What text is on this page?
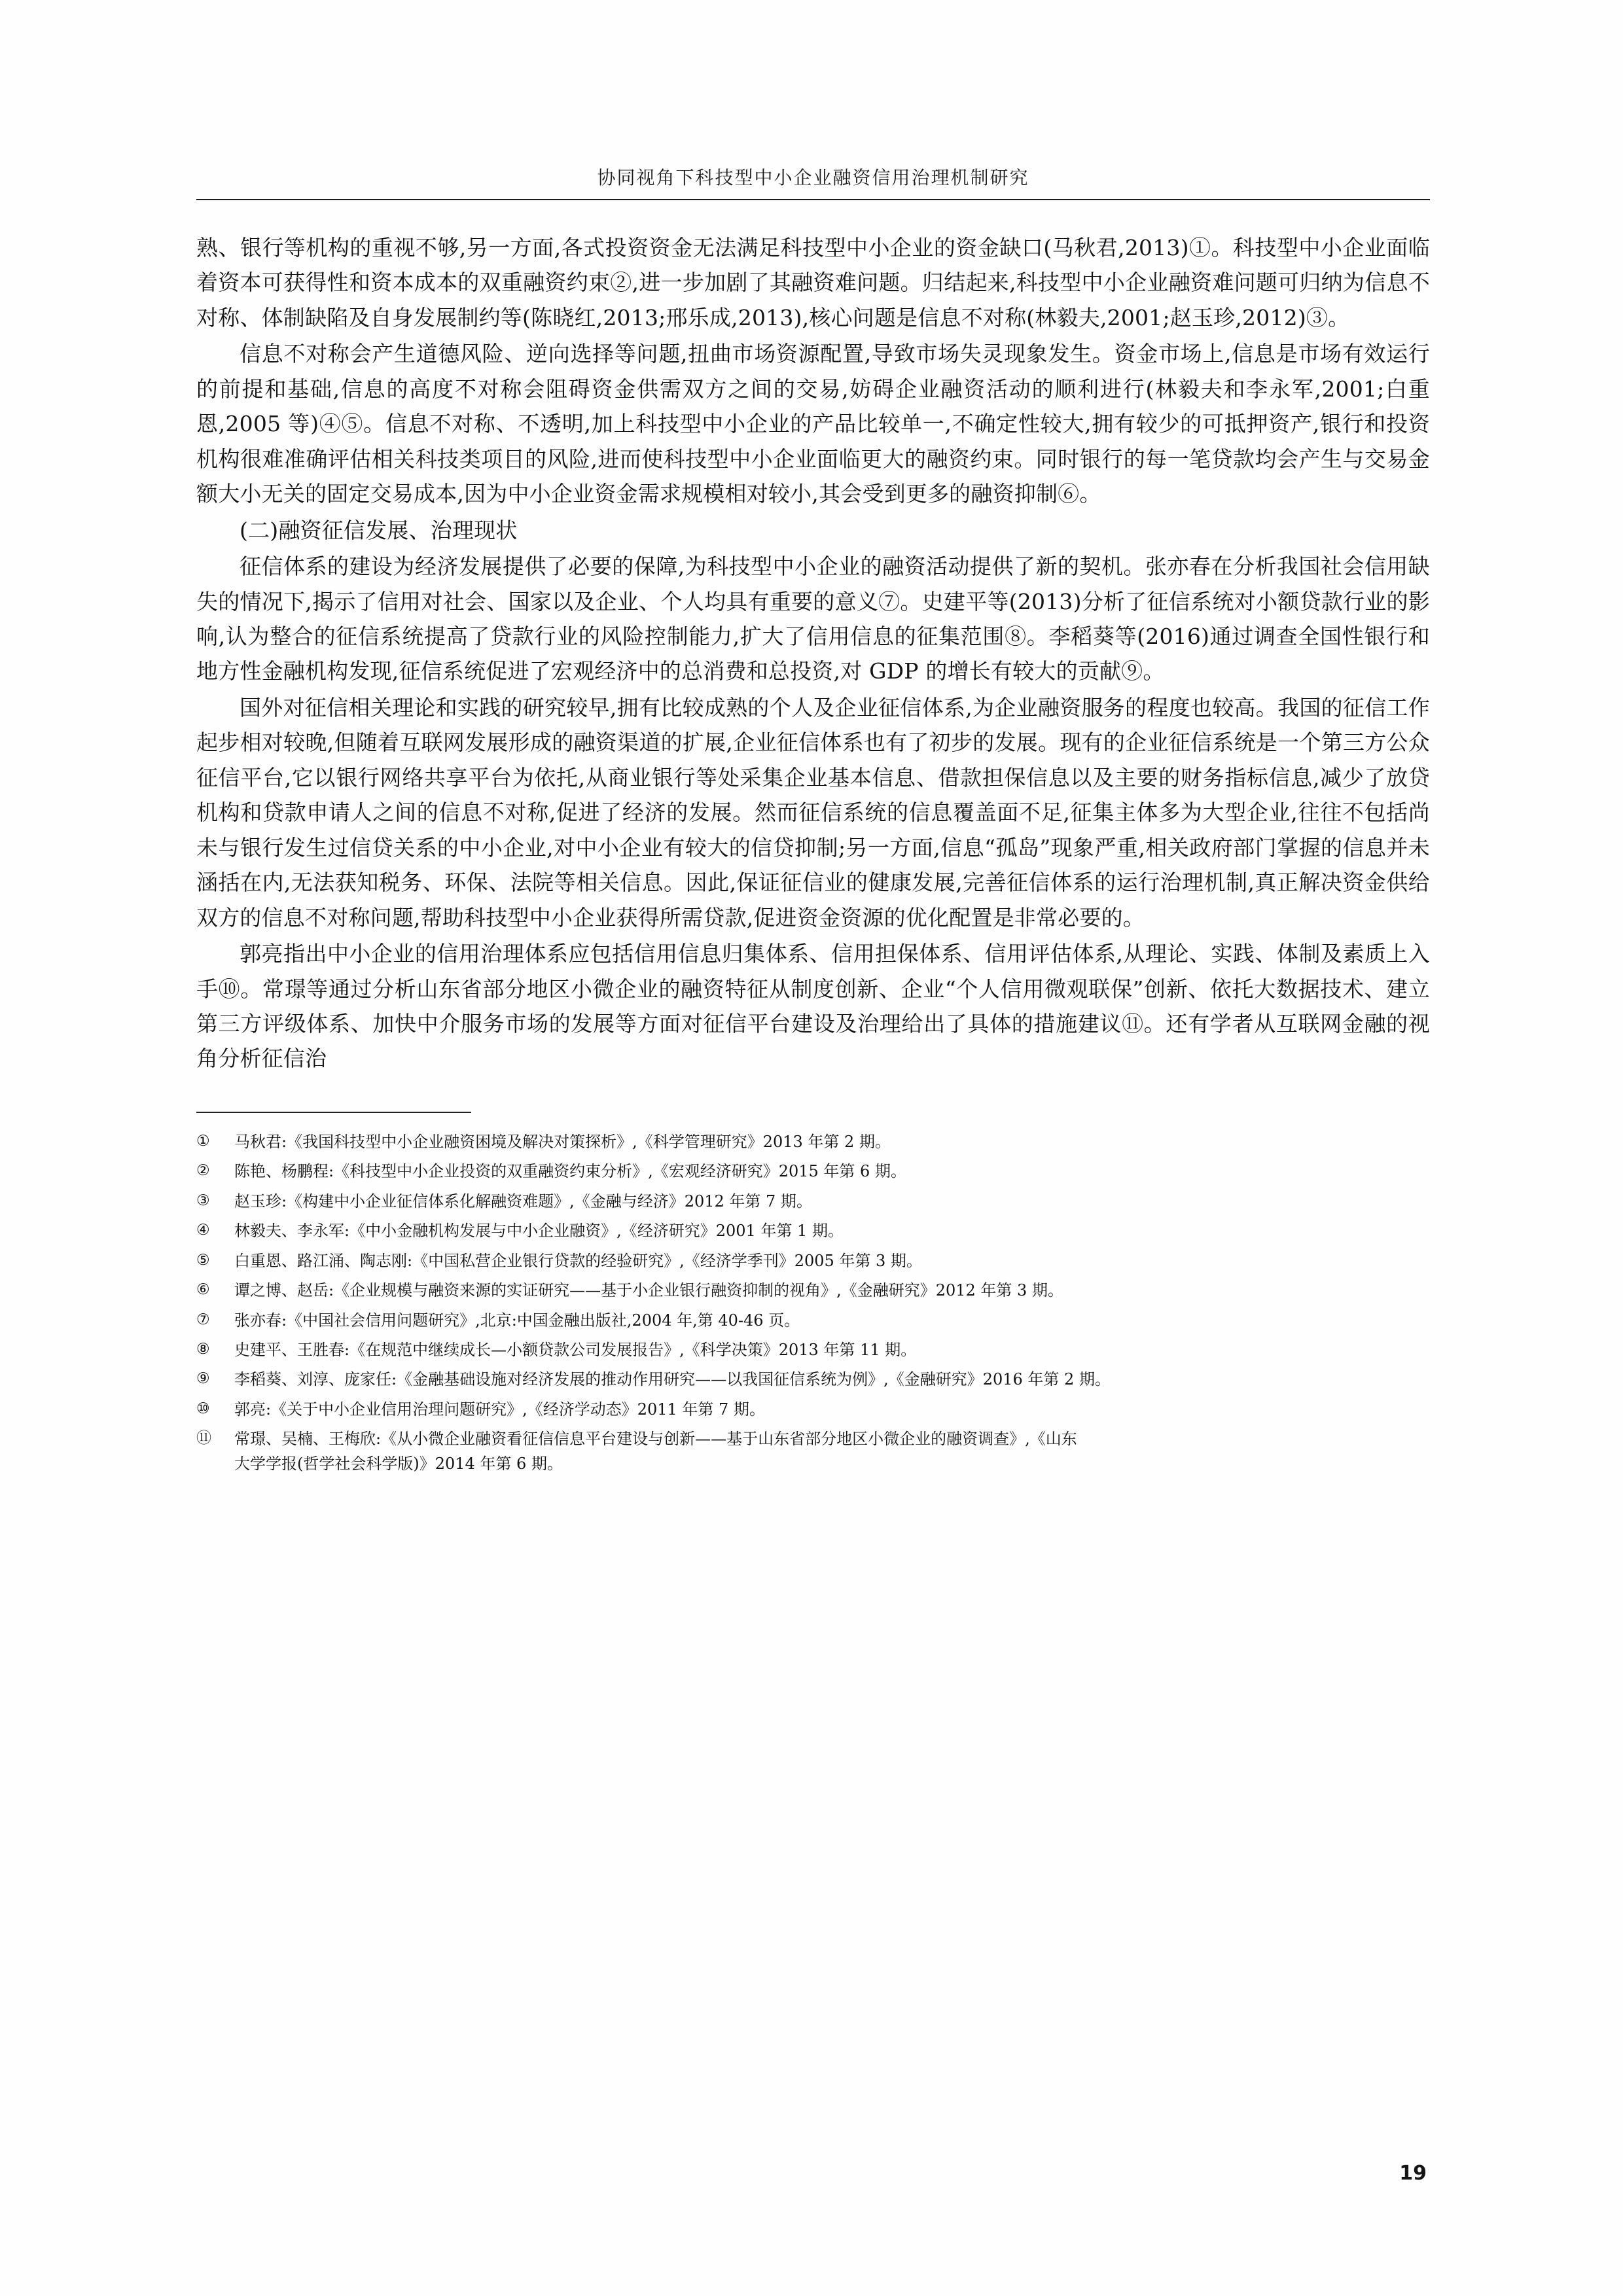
协同视角下科技型中小企业融资信用治理机制研究

熟、银行等机构的重视不够,另一方面,各式投资资金无法满足科技型中小企业的资金缺口(马秋君,2013)①。科技型中小企业面临着资本可获得性和资本成本的双重融资约束②,进一步加剧了其融资难问题。归结起来,科技型中小企业融资难问题可归纳为信息不对称、体制缺陷及自身发展制约等(陈晓红,2013;邢乐成,2013),核心问题是信息不对称(林毅夫,2001;赵玉珍,2012)③。

信息不对称会产生道德风险、逆向选择等问题,扭曲市场资源配置,导致市场失灵现象发生。资金市场上,信息是市场有效运行的前提和基础,信息的高度不对称会阻碍资金供需双方之间的交易,妨碍企业融资活动的顺利进行(林毅夫和李永军,2001;白重恩,2005 等)④⑤。信息不对称、不透明,加上科技型中小企业的产品比较单一,不确定性较大,拥有较少的可抵押资产,银行和投资机构很难准确评估相关科技类项目的风险,进而使科技型中小企业面临更大的融资约束。同时银行的每一笔贷款均会产生与交易金额大小无关的固定交易成本,因为中小企业资金需求规模相对较小,其会受到更多的融资抑制⑥。

(二)融资征信发展、治理现状

征信体系的建设为经济发展提供了必要的保障,为科技型中小企业的融资活动提供了新的契机。张亦春在分析我国社会信用缺失的情况下,揭示了信用对社会、国家以及企业、个人均具有重要的意义⑦。史建平等(2013)分析了征信系统对小额贷款行业的影响,认为整合的征信系统提高了贷款行业的风险控制能力,扩大了信用信息的征集范围⑧。李稻葵等(2016)通过调查全国性银行和地方性金融机构发现,征信系统促进了宏观经济中的总消费和总投资,对 GDP 的增长有较大的贡献⑨。

国外对征信相关理论和实践的研究较早,拥有比较成熟的个人及企业征信体系,为企业融资服务的程度也较高。我国的征信工作起步相对较晚,但随着互联网发展形成的融资渠道的扩展,企业征信体系也有了初步的发展。现有的企业征信系统是一个第三方公众征信平台,它以银行网络共享平台为依托,从商业银行等处采集企业基本信息、借款担保信息以及主要的财务指标信息,减少了放贷机构和贷款申请人之间的信息不对称,促进了经济的发展。然而征信系统的信息覆盖面不足,征集主体多为大型企业,往往不包括尚未与银行发生过信贷关系的中小企业,对中小企业有较大的信贷抑制;另一方面,信息“孤岛”现象严重,相关政府部门掌握的信息并未涵括在内,无法获知税务、环保、法院等相关信息。因此,保证征信业的健康发展,完善征信体系的运行治理机制,真正解决资金供给双方的信息不对称问题,帮助科技型中小企业获得所需贷款,促进资金资源的优化配置是非常必要的。

郭亮指出中小企业的信用治理体系应包括信用信息归集体系、信用担保体系、信用评估体系,从理论、实践、体制及素质上入手⑩。常璟等通过分析山东省部分地区小微企业的融资特征从制度创新、企业“个人信用微观联保”创新、依托大数据技术、建立第三方评级体系、加快中介服务市场的发展等方面对征信平台建设及治理给出了具体的措施建议⑪。还有学者从互联网金融的视角分析征信治

①	马秋君:《我国科技型中小企业融资困境及解决对策探析》,《科学管理研究》2013 年第 2 期。
②	陈艳、杨鹏程:《科技型中小企业投资的双重融资约束分析》,《宏观经济研究》2015 年第 6 期。
③	赵玉珍:《构建中小企业征信体系化解融资难题》,《金融与经济》2012 年第 7 期。
④	林毅夫、李永军:《中小金融机构发展与中小企业融资》,《经济研究》2001 年第 1 期。
⑤	白重恩、路江涌、陶志刚:《中国私营企业银行贷款的经验研究》,《经济学季刊》2005 年第 3 期。
⑥	谭之博、赵岳:《企业规模与融资来源的实证研究——基于小企业银行融资抑制的视角》,《金融研究》2012 年第 3 期。
⑦	张亦春:《中国社会信用问题研究》,北京:中国金融出版社,2004 年,第 40-46 页。
⑧	史建平、王胜春:《在规范中继续成长—小额贷款公司发展报告》,《科学决策》2013 年第 11 期。
⑨	李稻葵、刘淳、庞家任:《金融基础设施对经济发展的推动作用研究——以我国征信系统为例》,《金融研究》2016 年第 2 期。
⑩	郭亮:《关于中小企业信用治理问题研究》,《经济学动态》2011 年第 7 期。
⑪	常璟、吴楠、王梅欣:《从小微企业融资看征信信息平台建设与创新——基于山东省部分地区小微企业的融资调查》,《山东
大学学报(哲学社会科学版)》2014 年第 6 期。
19
